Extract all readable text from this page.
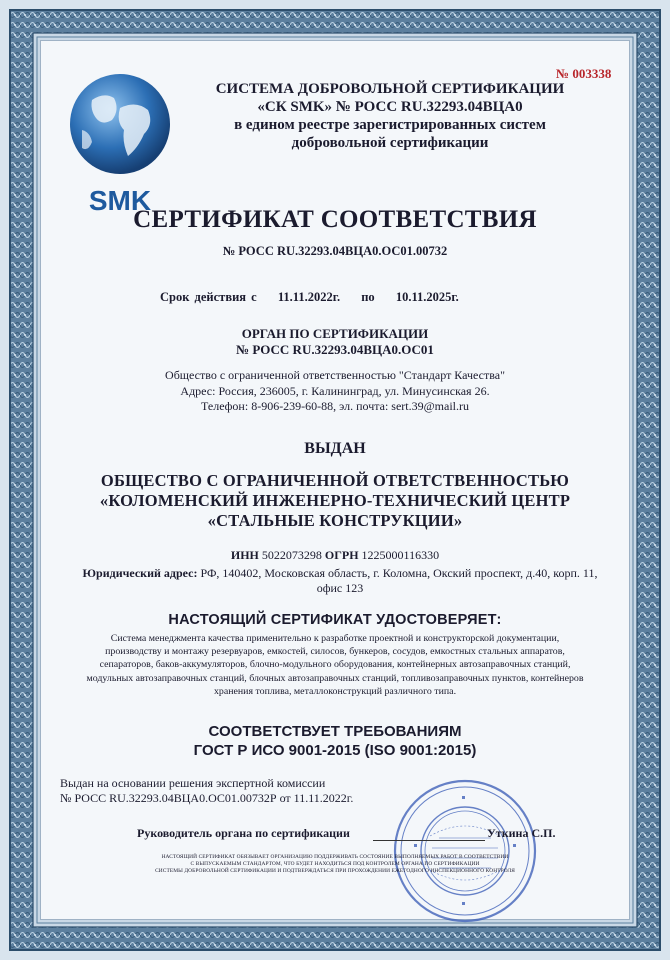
SMK
№ 003338
СИСТЕМА ДОБРОВОЛЬНОЙ СЕРТИФИКАЦИИ
«СК SMK» № РОСС RU.32293.04ВЦА0
в едином реестре зарегистрированных систем
добровольной сертификации
СЕРТИФИКАТ СООТВЕТСТВИЯ
№ РОСС RU.32293.04ВЦА0.ОС01.00732
Срок действия с 11.11.2022г. по 10.11.2025г.
ОРГАН ПО СЕРТИФИКАЦИИ
№ РОСС RU.32293.04ВЦА0.ОС01
Общество с ограниченной ответственностью "Стандарт Качества"
Адрес: Россия, 236005, г. Калининград, ул. Минусинская 26.
Телефон: 8-906-239-60-88, эл. почта: sert.39@mail.ru
ВЫДАН
ОБЩЕСТВО С ОГРАНИЧЕННОЙ ОТВЕТСТВЕННОСТЬЮ
«КОЛОМЕНСКИЙ ИНЖЕНЕРНО-ТЕХНИЧЕСКИЙ ЦЕНТР
«СТАЛЬНЫЕ КОНСТРУКЦИИ»
ИНН 5022073298 ОГРН 1225000116330
Юридический адрес: РФ, 140402, Московская область, г. Коломна, Окский проспект, д.40, корп. 11, офис 123
НАСТОЯЩИЙ СЕРТИФИКАТ УДОСТОВЕРЯЕТ:
Система менеджмента качества применительно к разработке проектной и конструкторской документации,
производству и монтажу резервуаров, емкостей, силосов, бункеров, сосудов, емкостных стальных аппаратов,
сепараторов, баков-аккумуляторов, блочно-модульного оборудования, контейнерных автозаправочных станций,
модульных автозаправочных станций, блочных автозаправочных станций, топливозаправочных пунктов, контейнеров
хранения топлива, металлоконструкций различного типа.
СООТВЕТСТВУЕТ ТРЕБОВАНИЯМ
ГОСТ Р ИСО 9001-2015 (ISO 9001:2015)
Выдан на основании решения экспертной комиссии
№ РОСС RU.32293.04ВЦА0.ОС01.00732Р от 11.11.2022г.
Руководитель органа по сертификации	Уткина С.П.
НАСТОЯЩИЙ СЕРТИФИКАТ ОБЯЗЫВАЕТ ОРГАНИЗАЦИЮ ПОДДЕРЖИВАТЬ СОСТОЯНИЕ ВЫПОЛНЯЕМЫХ РАБОТ В СООТВЕТСТВИИ
С ВЫПУСКАЕМЫМ СТАНДАРТОМ, ЧТО БУДЕТ НАХОДИТЬСЯ ПОД КОНТРОЛЕМ ОРГАНА ПО СЕРТИФИКАЦИИ
СИСТЕМЫ ДОБРОВОЛЬНОЙ СЕРТИФИКАЦИИ И ПОДТВЕРЖДАТЬСЯ ПРИ ПРОХОЖДЕНИИ ЕЖЕГОДНОГО ИНСПЕКЦИОННОГО КОНТРОЛЯ
